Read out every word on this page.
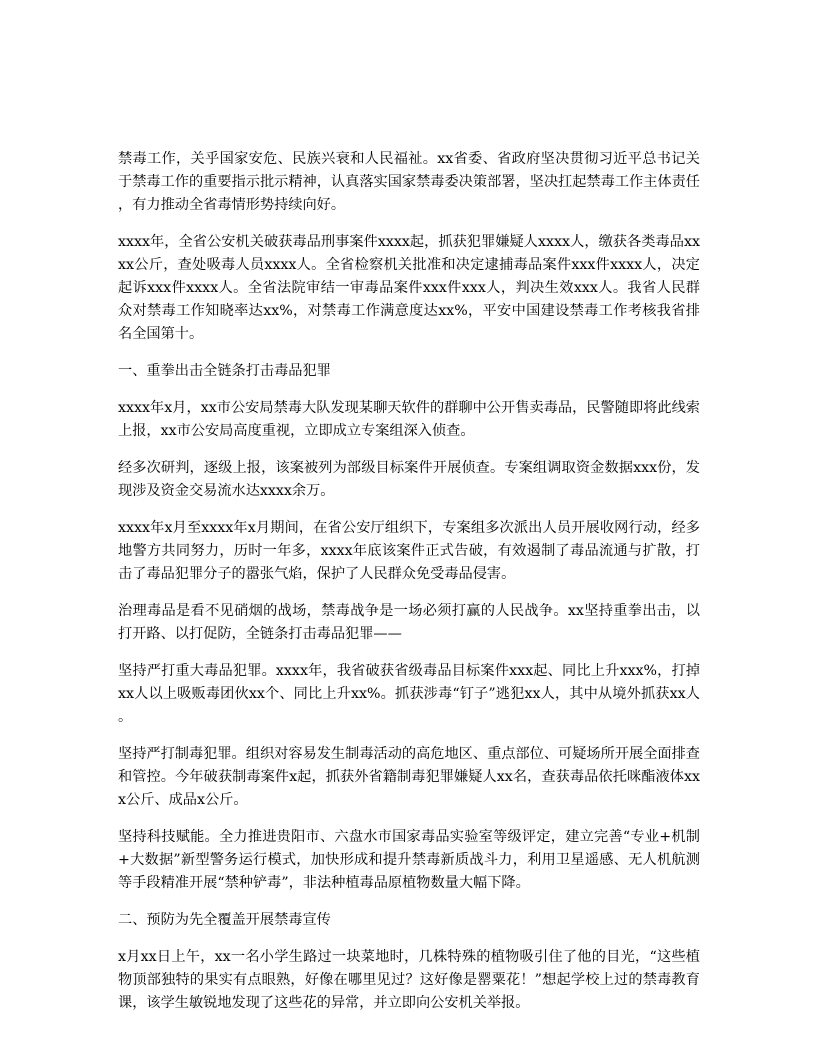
禁毒工作，关乎国家安危、民族兴衰和人民福祉。xx省委、省政府坚决贯彻习近平总书记关于禁毒工作的重要指示批示精神，认真落实国家禁毒委决策部署，坚决扛起禁毒工作主体责任，有力推动全省毒情形势持续向好。

xxxx年，全省公安机关破获毒品刑事案件xxxx起，抓获犯罪嫌疑人xxxx人，缴获各类毒品xxxx公斤，查处吸毒人员xxxx人。全省检察机关批准和决定逮捕毒品案件xxx件xxxx人，决定起诉xxx件xxxx人。全省法院审结一审毒品案件xxx件xxx人，判决生效xxx人。我省人民群众对禁毒工作知晓率达xx%，对禁毒工作满意度达xx%，平安中国建设禁毒工作考核我省排名全国第十。

一、重拳出击全链条打击毒品犯罪

xxxx年x月，xx市公安局禁毒大队发现某聊天软件的群聊中公开售卖毒品，民警随即将此线索上报，xx市公安局高度重视，立即成立专案组深入侦查。

经多次研判，逐级上报，该案被列为部级目标案件开展侦查。专案组调取资金数据xxx份，发现涉及资金交易流水达xxxx余万。

xxxx年x月至xxxx年x月期间，在省公安厅组织下，专案组多次派出人员开展收网行动，经多地警方共同努力，历时一年多，xxxx年底该案件正式告破，有效遏制了毒品流通与扩散，打击了毒品犯罪分子的嚣张气焰，保护了人民群众免受毒品侵害。

治理毒品是看不见硝烟的战场，禁毒战争是一场必须打赢的人民战争。xx坚持重拳出击，以打开路、以打促防，全链条打击毒品犯罪——

坚持严打重大毒品犯罪。xxxx年，我省破获省级毒品目标案件xxx起、同比上升xxx%，打掉xx人以上吸贩毒团伙xx个、同比上升xx%。抓获涉毒“钉子”逃犯xx人，其中从境外抓获xx人。

坚持严打制毒犯罪。组织对容易发生制毒活动的高危地区、重点部位、可疑场所开展全面排查和管控。今年破获制毒案件x起，抓获外省籍制毒犯罪嫌疑人xx名，查获毒品依托咪酯液体xxx公斤、成品x公斤。

坚持科技赋能。全力推进贵阳市、六盘水市国家毒品实验室等级评定，建立完善“专业+机制+大数据”新型警务运行模式，加快形成和提升禁毒新质战斗力，利用卫星遥感、无人机航测等手段精准开展“禁种铲毒”，非法种植毒品原植物数量大幅下降。

二、预防为先全覆盖开展禁毒宣传

x月xx日上午，xx一名小学生路过一块菜地时，几株特殊的植物吸引住了他的目光，“这些植物顶部独特的果实有点眼熟，好像在哪里见过？这好像是罂粟花！”想起学校上过的禁毒教育课，该学生敏锐地发现了这些花的异常，并立即向公安机关举报。
